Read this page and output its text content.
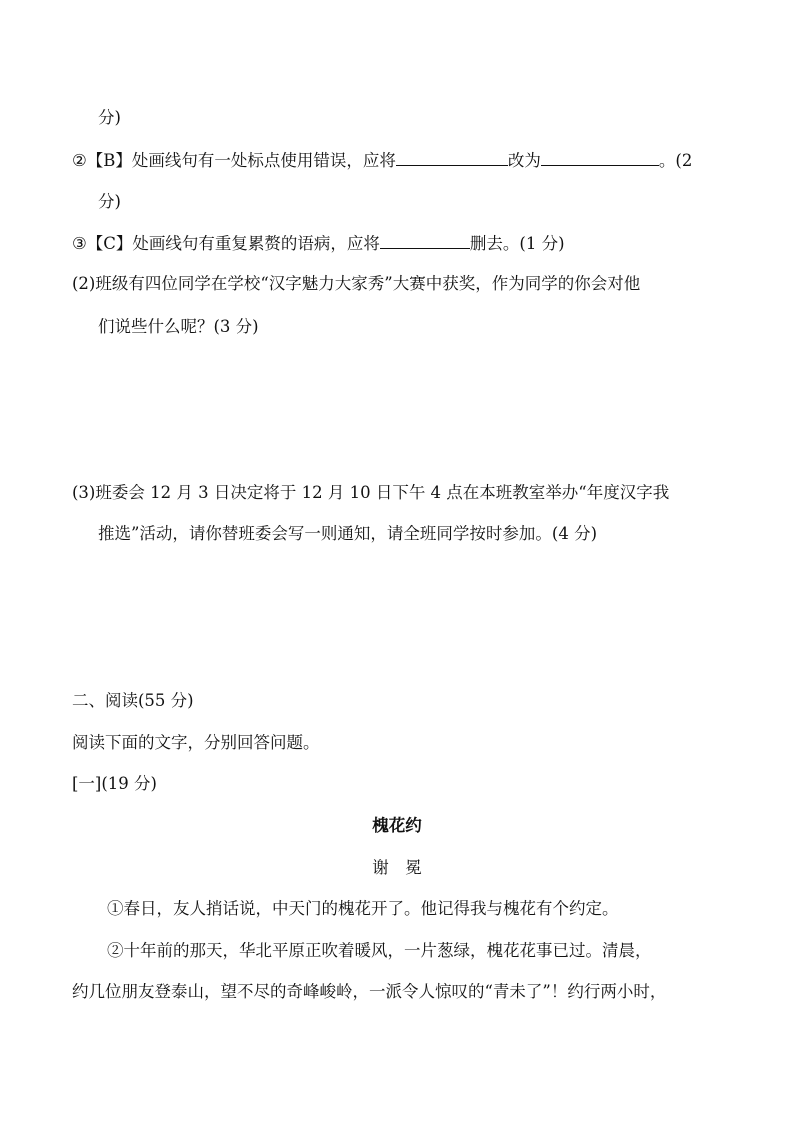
分)
②【B】处画线句有一处标点使用错误，应将	改为	。(2
分)
③【C】处画线句有重复累赘的语病，应将	删去。(1 分)
(2)班级有四位同学在学校“汉字魅力大家秀”大赛中获奖，作为同学的你会对他
们说些什么呢？(3 分)
(3)班委会 12 月 3 日决定将于 12 月 10 日下午 4 点在本班教室举办“年度汉字我
推选”活动，请你替班委会写一则通知，请全班同学按时参加。(4 分)
二、阅读(55 分)
阅读下面的文字，分别回答问题。
[一](19 分)
槐花约
谢　冕
①春日，友人捎话说，中天门的槐花开了。他记得我与槐花有个约定。
②十年前的那天，华北平原正吹着暖风，一片葱绿，槐花花事已过。清晨，
约几位朋友登泰山，望不尽的奇峰峻岭，一派令人惊叹的“青未了”！约行两小时，
